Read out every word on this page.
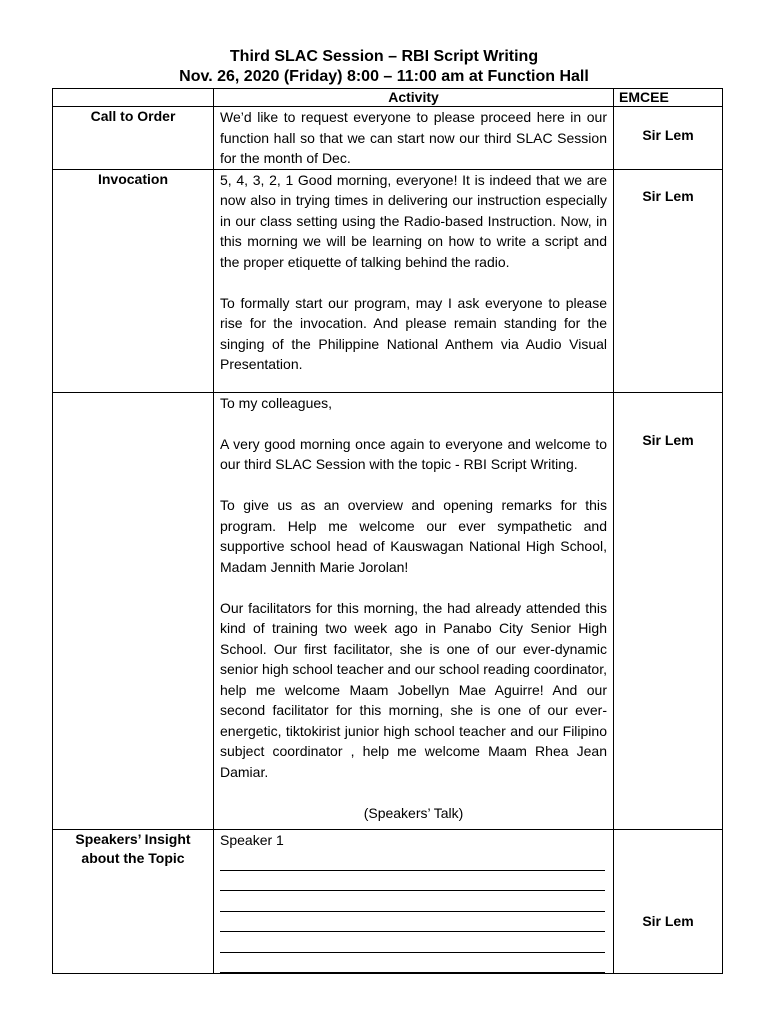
Third SLAC Session – RBI Script Writing
Nov. 26, 2020 (Friday) 8:00 – 11:00 am at Function Hall
	Activity	EMCEE
Call to Order	We’d like to request everyone to please proceed here in our function hall so that we can start now our third SLAC Session for the month of Dec.	Sir Lem

Invocation	5, 4, 3, 2, 1 Good morning, everyone! It is indeed that we are now also in trying times in delivering our instruction especially in our class setting using the Radio-based Instruction. Now, in this morning we will be learning on how to write a script and the proper etiquette of talking behind the radio.

To formally start our program, may I ask everyone to please rise for the invocation. And please remain standing for the singing of the Philippine National Anthem via Audio Visual Presentation.	Sir Lem

	To my colleagues,

A very good morning once again to everyone and welcome to our third SLAC Session with the topic - RBI Script Writing.

To give us as an overview and opening remarks for this program. Help me welcome our ever sympathetic and supportive school head of Kauswagan National High School, Madam Jennith Marie Jorolan!

Our facilitators for this morning, the had already attended this kind of training two week ago in Panabo City Senior High School. Our first facilitator, she is one of our ever-dynamic senior high school teacher and our school reading coordinator, help me welcome Maam Jobellyn Mae Aguirre! And our second facilitator for this morning, she is one of our ever-energetic, tiktokirist junior high school teacher and our Filipino subject coordinator , help me welcome Maam Rhea Jean Damiar.

(Speakers’ Talk)	Sir Lem

Speakers’ Insight about the Topic	Speaker 1	Sir Lem
